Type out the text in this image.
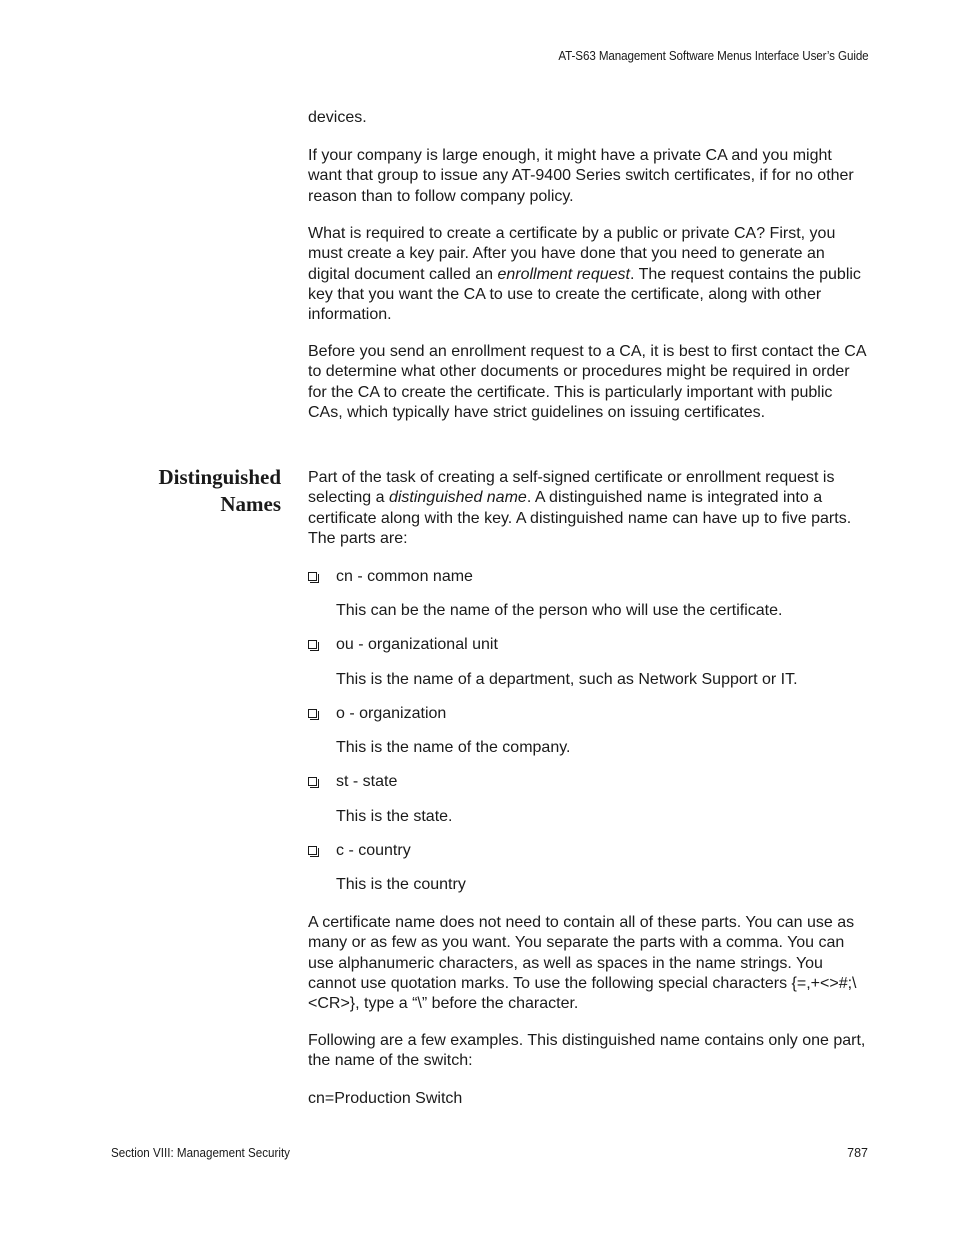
AT-S63 Management Software Menus Interface User’s Guide

devices.

If your company is large enough, it might have a private CA and you might want that group to issue any AT-9400 Series switch certificates, if for no other reason than to follow company policy.

What is required to create a certificate by a public or private CA? First, you must create a key pair. After you have done that you need to generate an digital document called an enrollment request. The request contains the public key that you want the CA to use to create the certificate, along with other information.

Before you send an enrollment request to a CA, it is best to first contact the CA to determine what other documents or procedures might be required in order for the CA to create the certificate. This is particularly important with public CAs, which typically have strict guidelines on issuing certificates.

Distinguished
Names

Part of the task of creating a self-signed certificate or enrollment request is selecting a distinguished name. A distinguished name is integrated into a certificate along with the key. A distinguished name can have up to five parts. The parts are:

cn - common name
This can be the name of the person who will use the certificate.
ou - organizational unit
This is the name of a department, such as Network Support or IT.
o - organization
This is the name of the company.
st - state
This is the state.
c - country
This is the country

A certificate name does not need to contain all of these parts. You can use as many or as few as you want. You separate the parts with a comma. You can use alphanumeric characters, as well as spaces in the name strings. You cannot use quotation marks. To use the following special characters {=,+<>#;\<CR>}, type a “\” before the character.

Following are a few examples. This distinguished name contains only one part, the name of the switch:

cn=Production Switch

Section VIII: Management Security	787
